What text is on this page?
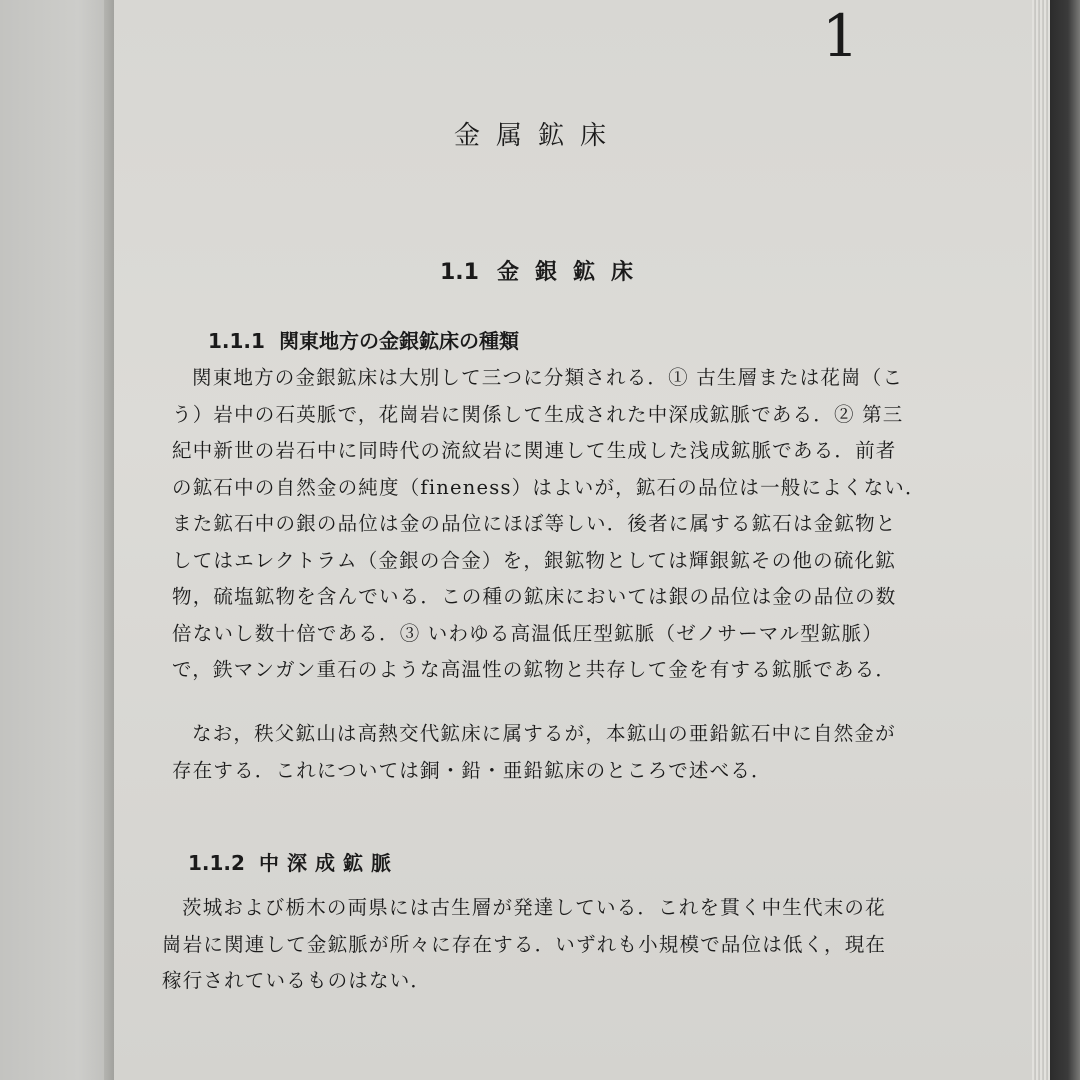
1
金属鉱床
1.1 金銀鉱床
1.1.1 関東地方の金銀鉱床の種類
関東地方の金銀鉱床は大別して三つに分類される．① 古生層または花崗（こ
う）岩中の石英脈で，花崗岩に関係して生成された中深成鉱脈である．② 第三
紀中新世の岩石中に同時代の流紋岩に関連して生成した浅成鉱脈である．前者
の鉱石中の自然金の純度（fineness）はよいが，鉱石の品位は一般によくない．
また鉱石中の銀の品位は金の品位にほぼ等しい．後者に属する鉱石は金鉱物と
してはエレクトラム（金銀の合金）を，銀鉱物としては輝銀鉱その他の硫化鉱
物，硫塩鉱物を含んでいる．この種の鉱床においては銀の品位は金の品位の数
倍ないし数十倍である．③ いわゆる高温低圧型鉱脈（ゼノサーマル型鉱脈）
で，鉄マンガン重石のような高温性の鉱物と共存して金を有する鉱脈である．
なお，秩父鉱山は高熱交代鉱床に属するが，本鉱山の亜鉛鉱石中に自然金が
存在する．これについては銅・鉛・亜鉛鉱床のところで述べる．
1.1.2 中深成鉱脈
茨城および栃木の両県には古生層が発達している．これを貫く中生代末の花
崗岩に関連して金鉱脈が所々に存在する．いずれも小規模で品位は低く，現在
稼行されているものはない．
